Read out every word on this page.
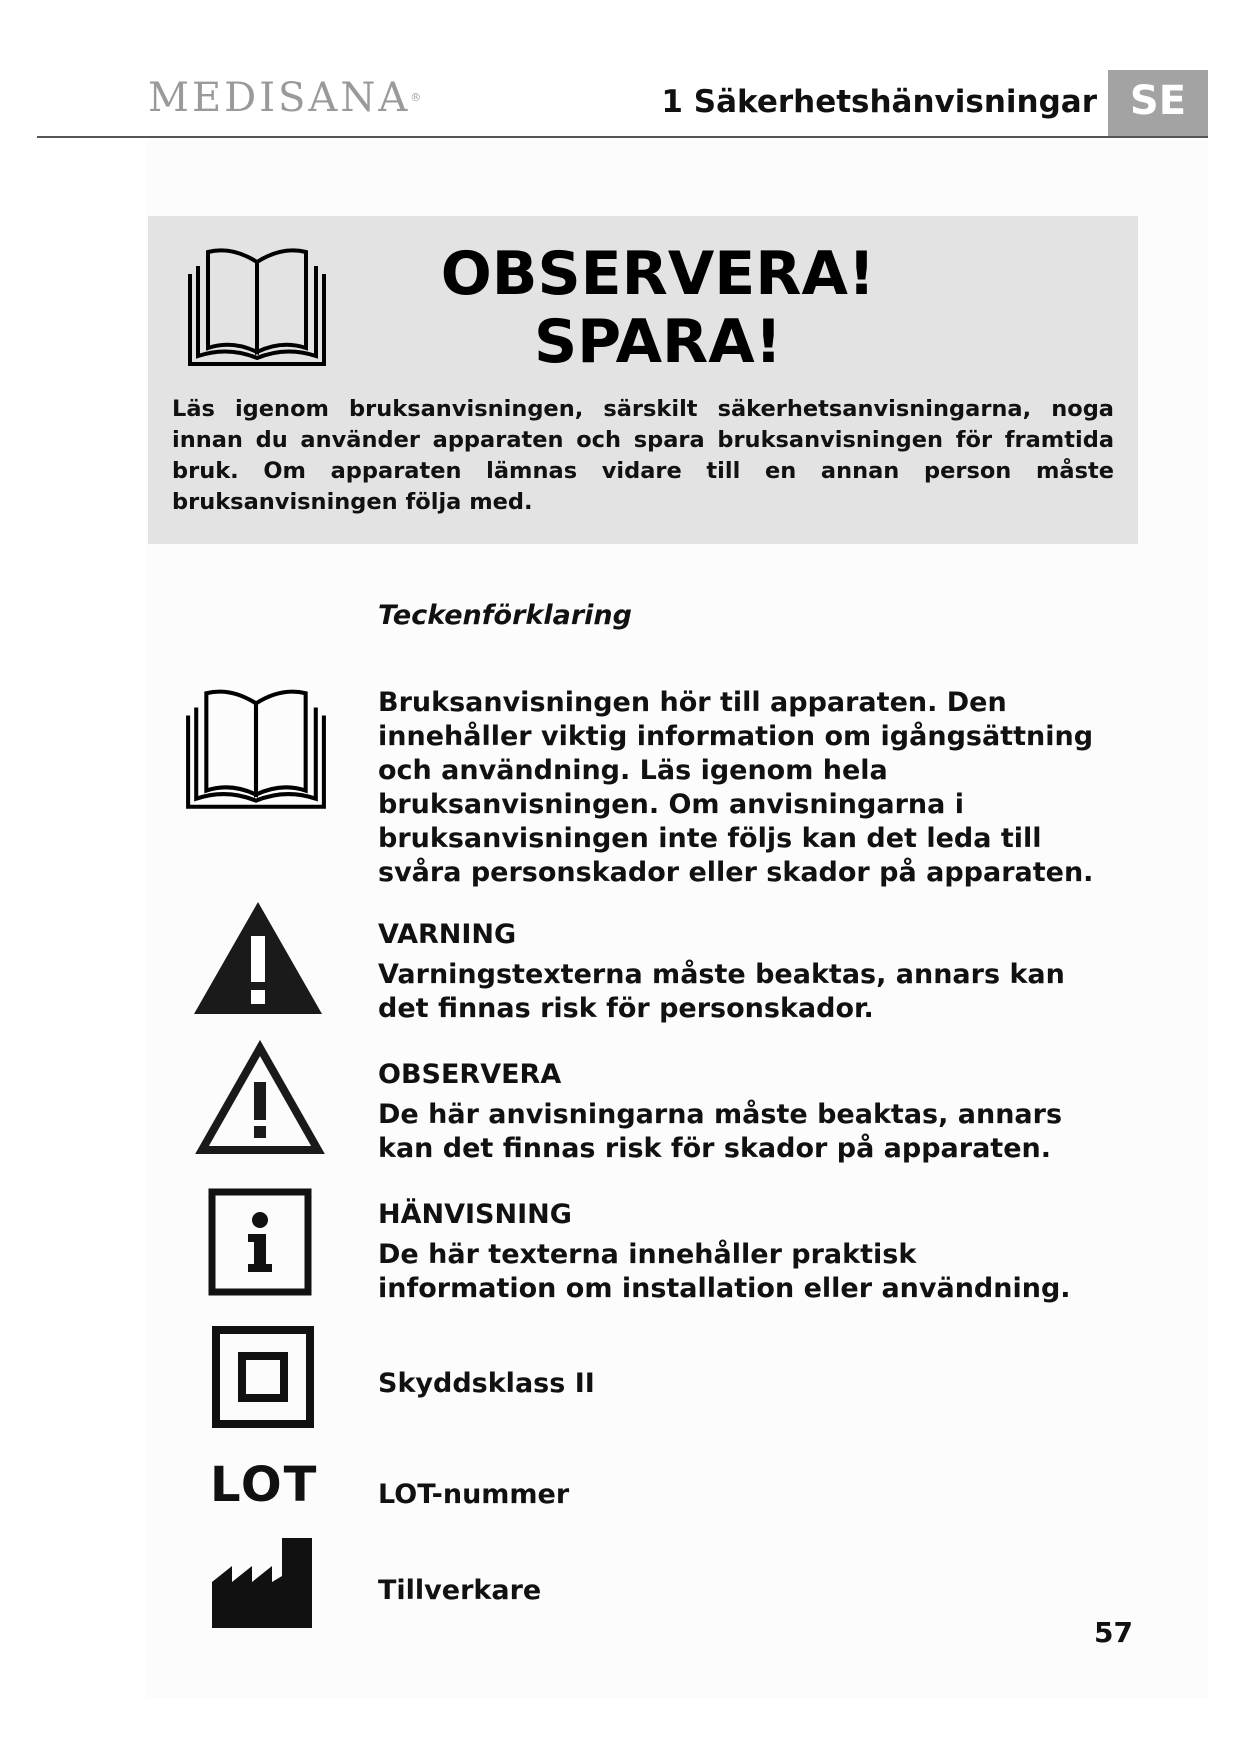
MEDISANA®	1 Säkerhetshänvisningar SE
OBSERVERA!
SPARA!

Läs igenom bruksanvisningen, särskilt säkerhetsanvisningarna, noga innan du använder apparaten och spara bruksanvisningen för framtida bruk. Om apparaten lämnas vidare till en annan person måste bruksanvisningen följa med.

Teckenförklaring
Bruksanvisningen hör till apparaten. Den innehåller viktig information om igångsättning och användning. Läs igenom hela bruksanvisningen. Om anvisningarna i bruksanvisningen inte följs kan det leda till svåra personskador eller skador på apparaten.
VARNING
Varningstexterna måste beaktas, annars kan det finnas risk för personskador.
OBSERVERA
De här anvisningarna måste beaktas, annars kan det finnas risk för skador på apparaten.
HÄNVISNING
De här texterna innehåller praktisk information om installation eller användning.
Skyddsklass II
LOT LOT-nummer
Tillverkare
57
